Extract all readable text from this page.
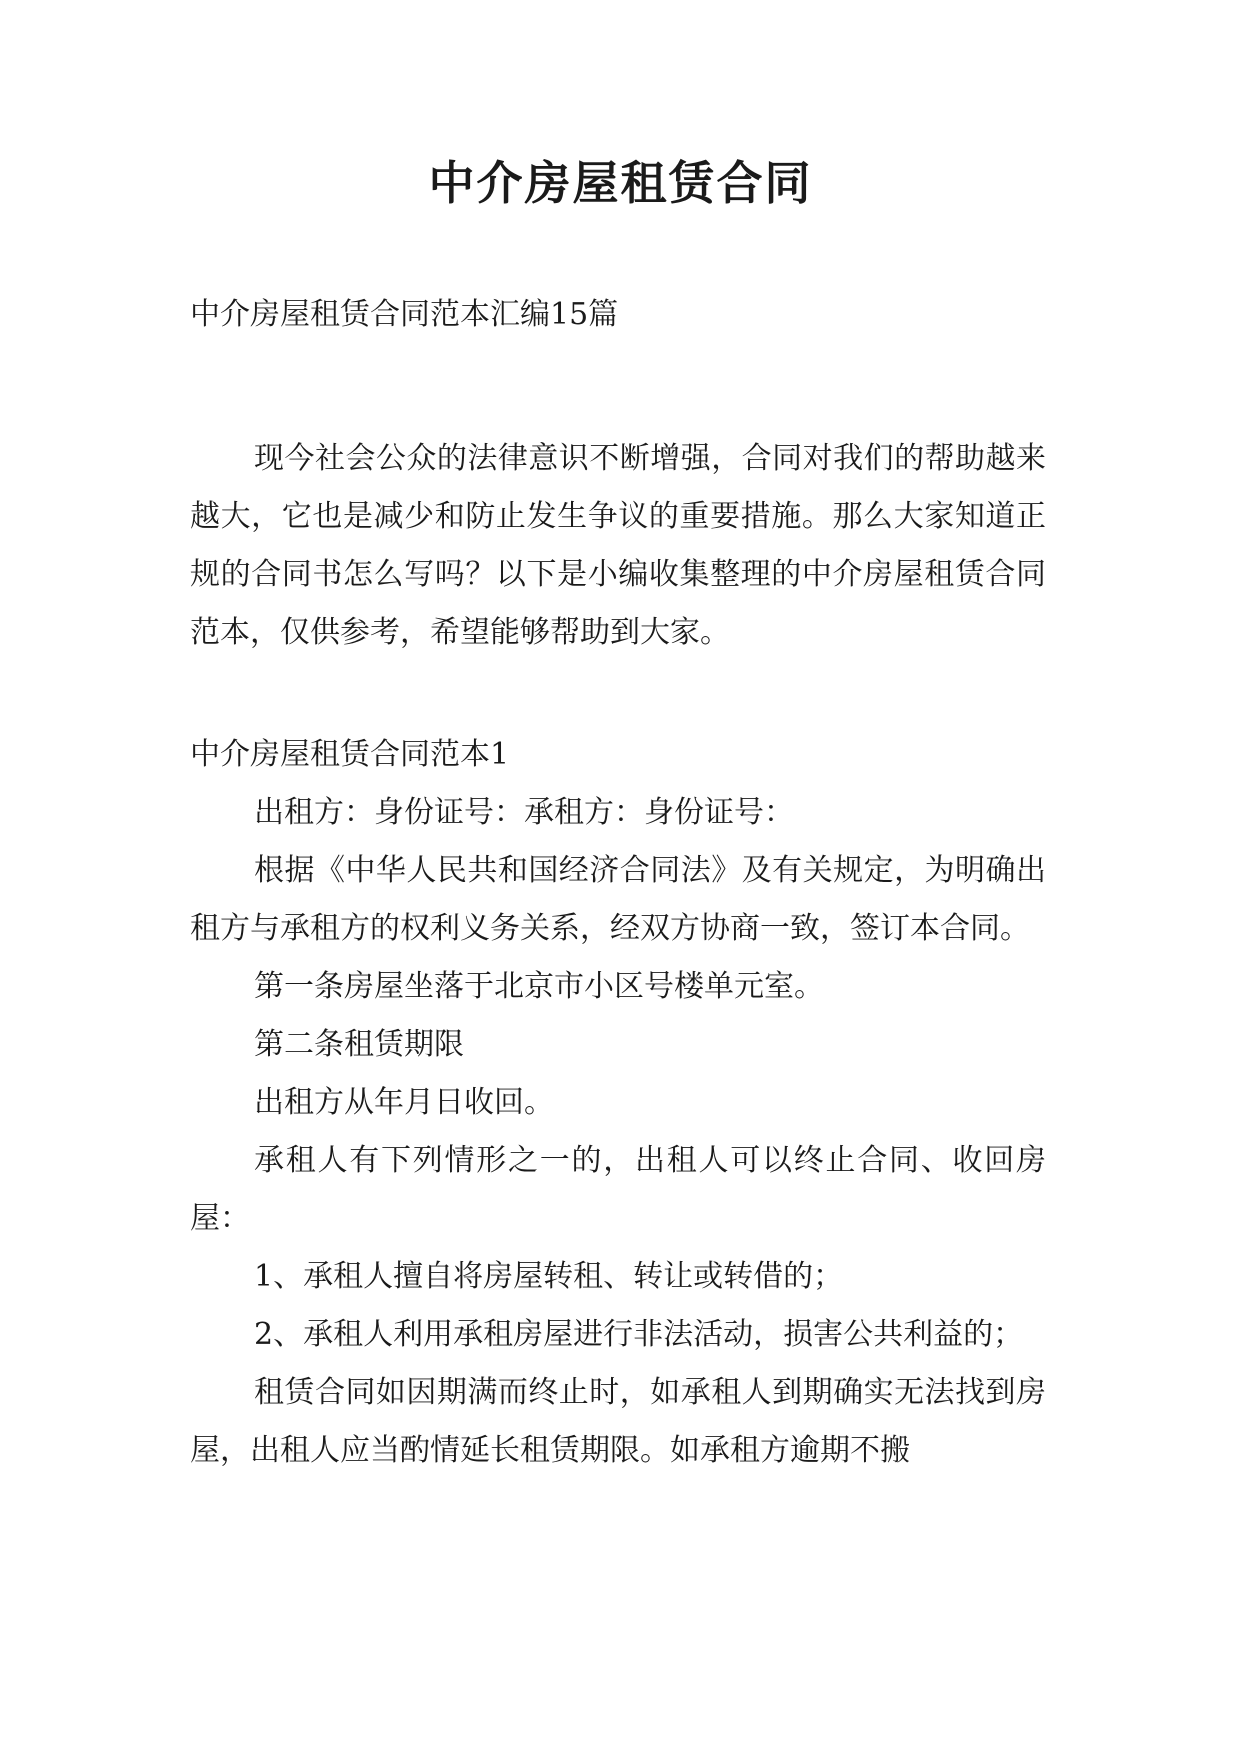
中介房屋租赁合同

中介房屋租赁合同范本汇编15篇

现今社会公众的法律意识不断增强，合同对我们的帮助越来越大，它也是减少和防止发生争议的重要措施。那么大家知道正规的合同书怎么写吗？以下是小编收集整理的中介房屋租赁合同范本，仅供参考，希望能够帮助到大家。

中介房屋租赁合同范本1

出租方：身份证号：承租方：身份证号：

根据《中华人民共和国经济合同法》及有关规定，为明确出租方与承租方的权利义务关系，经双方协商一致，签订本合同。

第一条房屋坐落于北京市小区号楼单元室。

第二条租赁期限

出租方从年月日收回。

承租人有下列情形之一的，出租人可以终止合同、收回房屋：

1、承租人擅自将房屋转租、转让或转借的；

2、承租人利用承租房屋进行非法活动，损害公共利益的；

租赁合同如因期满而终止时，如承租人到期确实无法找到房屋，出租人应当酌情延长租赁期限。如承租方逾期不搬
